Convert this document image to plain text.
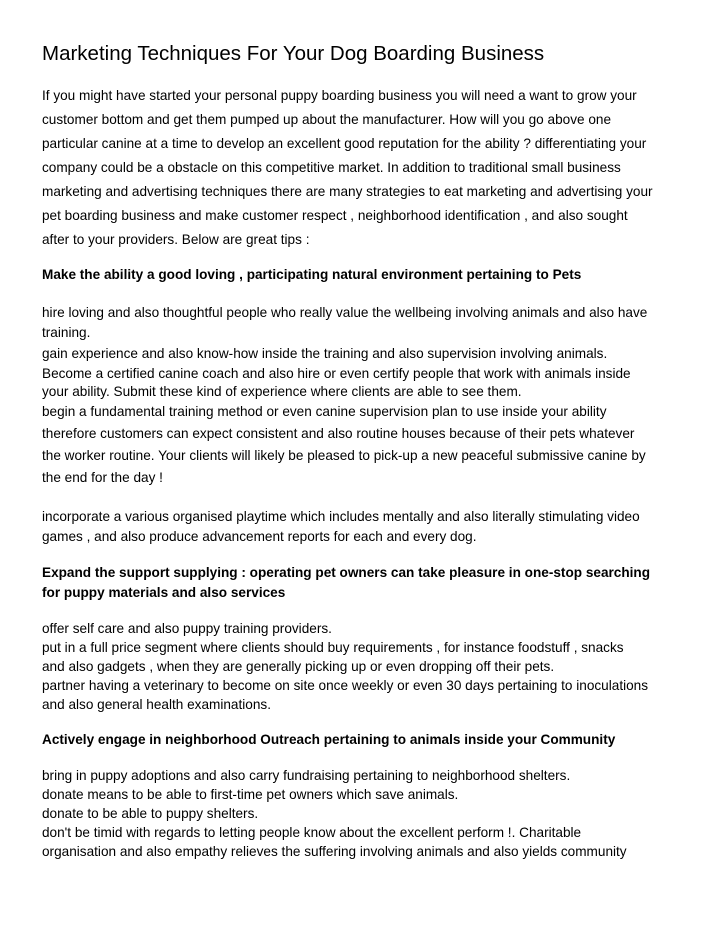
Marketing Techniques For Your Dog Boarding Business
If you might have started your personal puppy boarding business you will need a want to grow your
customer bottom and get them pumped up about the manufacturer. How will you go above one
particular canine at a time to develop an excellent good reputation for the ability ? differentiating your
company could be a obstacle on this competitive market. In addition to traditional small business
marketing and advertising techniques there are many strategies to eat marketing and advertising your
pet boarding business and make customer respect , neighborhood identification , and also sought
after to your providers. Below are great tips :
Make the ability a good loving , participating natural environment pertaining to Pets
hire loving and also thoughtful people who really value the wellbeing involving animals and also have
training.
gain experience and also know-how inside the training and also supervision involving animals.
Become a certified canine coach and also hire or even certify people that work with animals inside
your ability. Submit these kind of experience where clients are able to see them.
begin a fundamental training method or even canine supervision plan to use inside your ability
therefore customers can expect consistent and also routine houses because of their pets whatever
the worker routine. Your clients will likely be pleased to pick-up a new peaceful submissive canine by
the end for the day !
incorporate a various organised playtime which includes mentally and also literally stimulating video
games , and also produce advancement reports for each and every dog.
Expand the support supplying : operating pet owners can take pleasure in one-stop searching
for puppy materials and also services
offer self care and also puppy training providers.
put in a full price segment where clients should buy requirements , for instance foodstuff , snacks
and also gadgets , when they are generally picking up or even dropping off their pets.
partner having a veterinary to become on site once weekly or even 30 days pertaining to inoculations
and also general health examinations.
Actively engage in neighborhood Outreach pertaining to animals inside your Community
bring in puppy adoptions and also carry fundraising pertaining to neighborhood shelters.
donate means to be able to first-time pet owners which save animals.
donate to be able to puppy shelters.
don't be timid with regards to letting people know about the excellent perform !. Charitable
organisation and also empathy relieves the suffering involving animals and also yields community
